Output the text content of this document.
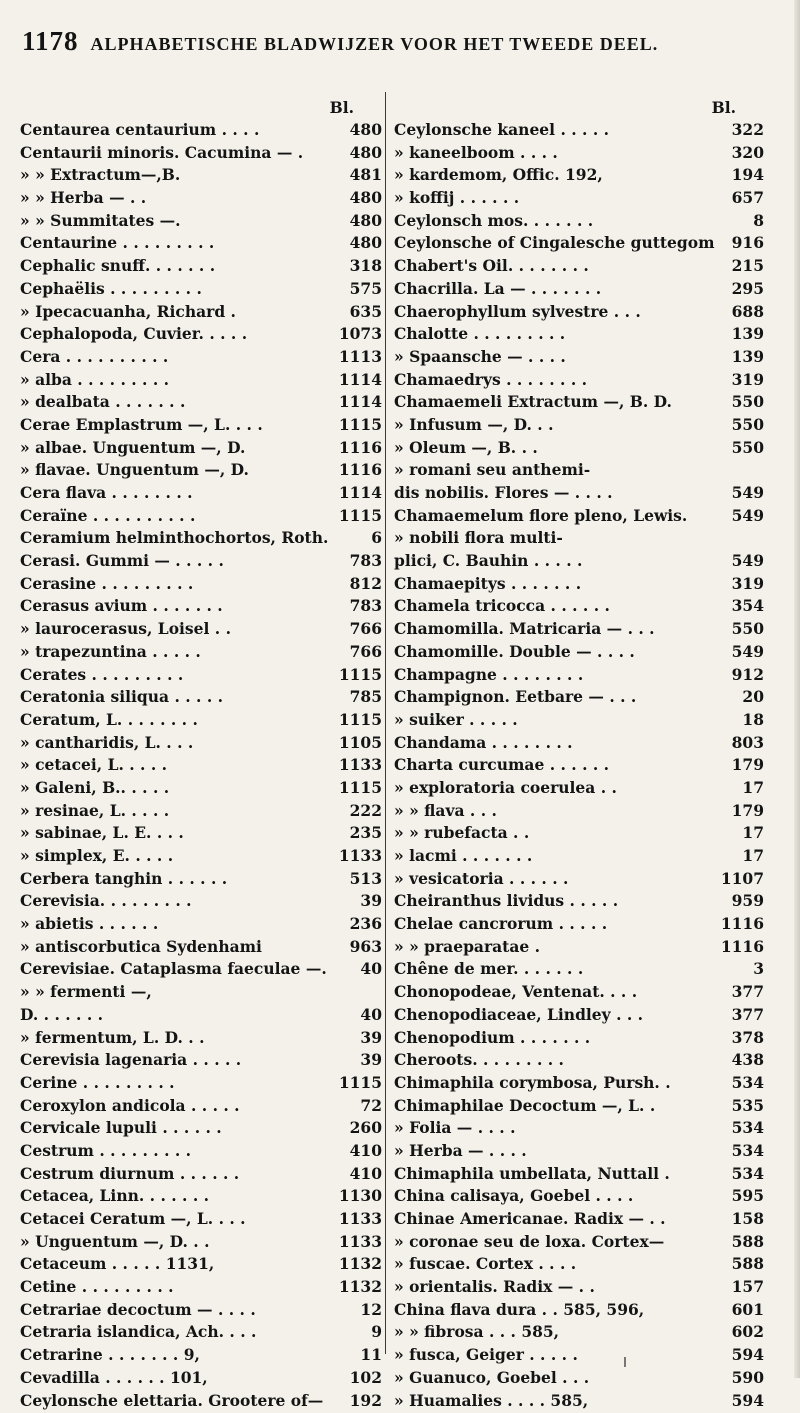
1178 ALPHABETISCHE BLADWIJZER VOOR HET TWEEDE DEEL.
Bl.
Centaurea centaurium . . . .	480
Centaurii minoris. Cacumina — .	480
» » Extractum—,B.	481
» » Herba — . .	480
» » Summitates —.	480
Centaurine . . . . . . . . .	480
Cephalic snuff. . . . . . .	318
Cephaëlis . . . . . . . . .	575
» Ipecacuanha, Richard .	635
Cephalopoda, Cuvier. . . . .	1073
Cera . . . . . . . . . .	1113
» alba . . . . . . . . .	1114
» dealbata . . . . . . .	1114
Cerae Emplastrum —, L. . . .	1115
» albae. Unguentum —, D.	1116
» flavae. Unguentum —, D.	1116
Cera flava . . . . . . . .	1114
Ceraïne . . . . . . . . . .	1115
Ceramium helminthochortos, Roth.	6
Cerasi. Gummi — . . . . .	783
Cerasine . . . . . . . . .	812
Cerasus avium . . . . . . .	783
» laurocerasus, Loisel . .	766
» trapezuntina . . . . .	766
Cerates . . . . . . . . .	1115
Ceratonia siliqua . . . . .	785
Ceratum, L. . . . . . . .	1115
» cantharidis, L. . . .	1105
» cetacei, L. . . . .	1133
» Galeni, B.. . . . .	1115
» resinae, L. . . . .	222
» sabinae, L. E. . . .	235
» simplex, E. . . . .	1133
Cerbera tanghin . . . . . .	513
Cerevisia. . . . . . . . .	39
» abietis . . . . . .	236
» antiscorbutica Sydenhami	963
Cerevisiae. Cataplasma faeculae —.	40
» » fermenti —,
D. . . . . . .	40
» fermentum, L. D. . .	39
Cerevisia lagenaria . . . . .	39
Cerine . . . . . . . . .	1115
Ceroxylon andicola . . . . .	72
Cervicale lupuli . . . . . .	260
Cestrum . . . . . . . . .	410
Cestrum diurnum . . . . . .	410
Cetacea, Linn. . . . . . .	1130
Cetacei Ceratum —, L. . . .	1133
» Unguentum —, D. . .	1133
Cetaceum . . . . . 1131,	1132
Cetine . . . . . . . . .	1132
Cetrariae decoctum — . . . .	12
Cetraria islandica, Ach. . . .	9
Cetrarine . . . . . . . 9,	11
Cevadilla . . . . . . 101,	102
Ceylonsche elettaria. Grootere of—	192
Bl.
Ceylonsche kaneel . . . . .	322
» kaneelboom . . . .	320
» kardemom, Offic. 192,	194
» koffij . . . . . .	657
Ceylonsch mos. . . . . . .	8
Ceylonsche of Cingalesche guttegom	916
Chabert's Oil. . . . . . . .	215
Chacrilla. La — . . . . . . .	295
Chaerophyllum sylvestre . . .	688
Chalotte . . . . . . . . .	139
» Spaansche — . . . .	139
Chamaedrys . . . . . . . .	319
Chamaemeli Extractum —, B. D.	550
» Infusum —, D. . .	550
» Oleum —, B. . .	550
» romani seu anthemi-
dis nobilis. Flores — . . . .	549
Chamaemelum flore pleno, Lewis.	549
» nobili flora multi-
plici, C. Bauhin . . . . .	549
Chamaepitys . . . . . . .	319
Chamela tricocca . . . . . .	354
Chamomilla. Matricaria — . . .	550
Chamomille. Double — . . . .	549
Champagne . . . . . . . .	912
Champignon. Eetbare — . . .	20
» suiker . . . . .	18
Chandama . . . . . . . .	803
Charta curcumae . . . . . .	179
» exploratoria coerulea . .	17
» » flava . . .	179
» » rubefacta . .	17
» lacmi . . . . . . .	17
» vesicatoria . . . . . .	1107
Cheiranthus lividus . . . . .	959
Chelae cancrorum . . . . .	1116
» » praeparatae .	1116
Chêne de mer. . . . . . .	3
Chonopodeae, Ventenat. . . .	377
Chenopodiaceae, Lindley . . .	377
Chenopodium . . . . . . .	378
Cheroots. . . . . . . . .	438
Chimaphila corymbosa, Pursh. .	534
Chimaphilae Decoctum —, L. .	535
» Folia — . . . .	534
» Herba — . . . .	534
Chimaphila umbellata, Nuttall .	534
China calisaya, Goebel . . . .	595
Chinae Americanae. Radix — . .	158
» coronae seu de loxa. Cortex—	588
» fuscae. Cortex . . . .	588
» orientalis. Radix — . .	157
China flava dura . . 585, 596,	601
» » fibrosa . . . 585,	602
» fusca, Geiger . . . . .	594
» Guanuco, Goebel . . .	590
» Huamalies . . . . 585,	594
